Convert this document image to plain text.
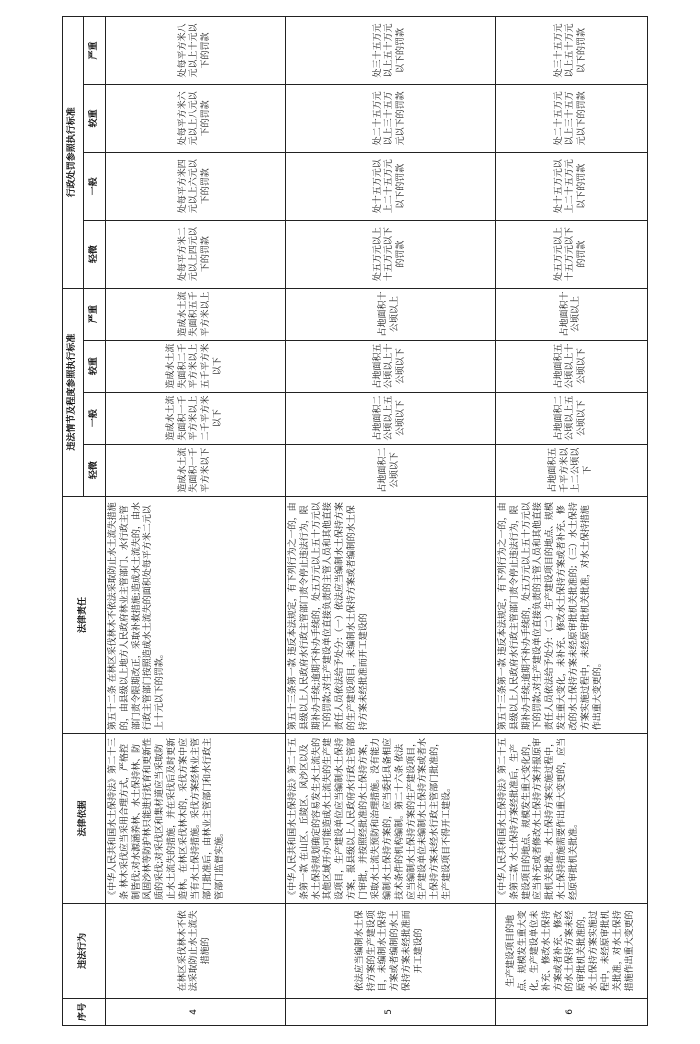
序号	违法行为	法律依据	法律责任	违法情节及程度参照执行标准				行政处罚参照执行标准			
				轻微	一般	较重	严重	轻微	一般	较重	严重
4	在林区采伐林木不依法采取防止水土流失措施的	《中华人民共和国水土保持法》第二十三条 林木采伐应当采用合理方式，严格控制皆伐;对水源涵养林、水土保持林、防风固沙林等防护林只能进行抚育和更新性质的采伐;对采伐区和集材道应当采取防止水土流失的措施，并在采伐后及时更新造林。在林区采伐林木的，采伐方案中应当有水土保持措施。采伐方案经林业主管部门批准后，由林业主管部门和水行政主管部门监督实施。	第五十二条 在林区采伐林木不依法采取防止水土流失措施的，由县级以上地方人民政府林业主管部门、水行政主管部门责令限期改正，采取补救措施;造成水土流失的，由水行政主管部门按照造成水土流失的面积处每平方米二元以上十元以下的罚款。	造成水土流失面积一千平方米以下	造成水土流失面积一千平方米以上二千平方米以下	造成水土流失面积二千平方米以上五千平方米以下	造成水土流失面积五千平方米以上	处每平方米二元以上四元以下的罚款	处每平方米四元以上六元以下的罚款	处每平方米六元以上八元以下的罚款	处每平方米八元以上十元以下的罚款
5	依法应当编制水土保持方案的生产建设项目，未编制水土保持方案或者编制的水土保持方案未经批准而开工建设的	《中华人民共和国水土保持法》第二十五条第一款 在山区、丘陵区、风沙区以及水土保持规划确定的容易发生水土流失的其他区域开办可能造成水土流失的生产建设项目，生产建设单位应当编制水土保持方案，报县级以上人民政府水行政主管部门审批，并按照经批准的水土保持方案，采取水土流失预防和治理措施。没有能力编制水土保持方案的，应当委托具备相应技术条件的机构编制。第二十六条 依法应当编制水土保持方案的生产建设项目，生产建设单位未编制水土保持方案或者水土保持方案未经水行政主管部门批准的，生产建设项目不得开工建设。	第五十三条第一款 违反本法规定，有下列行为之一的，由县级以上人民政府水行政主管部门责令停止违法行为，限期补办手续;逾期不补办手续的，处五万元以上五十万元以下的罚款;对生产建设单位直接负责的主管人员和其他直接责任人员依法给予处分:（一）依法应当编制水土保持方案的生产建设项目，未编制水土保持方案或者编制的水土保持方案未经批准而开工建设的	占地面积二公顷以下	占地面积二公顷以上五公顷以下	占地面积五公顷以上十公顷以下	占地面积十公顷以上	处五万元以上十五万元以下的罚款	处十五万元以上二十五万元以下的罚款	处二十五万元以上三十五万元以下的罚款	处三十五万元以上五十万元以下的罚款
6	生产建设项目的地点、规模发生重大变化，生产建设单位未补充、修改水土保持方案或者补充、修改的水土保持方案未经原审批机关批准的，水土保持方案实施过程中，未经原审批机关批准，对水土保持措施作出重大变更的	《中华人民共和国水土保持法》第二十五条第三款 水土保持方案经批准后，生产建设项目的地点、规模发生重大变化的，应当补充或者修改水土保持方案并报原审批机关批准。水土保持方案实施过程中，水土保持措施需要作出重大变更的，应当经原审批机关批准。	第五十三条第一款 违反本法规定，有下列行为之一的，由县级以上人民政府水行政主管部门责令停止违法行为，限期补办手续;逾期不补办手续的，处五万元以上五十万元以下的罚款;对生产建设单位直接负责的主管人员和其他直接责任人员依法给予处分:（二）生产建设项目的地点、规模发生重大变化，未补充、修改水土保持方案或者补充、修改的水土保持方案未经原审批机关批准的;（三）水土保持方案实施过程中，未经原审批机关批准，对水土保持措施作出重大变更的。	占地面积五千平方米以上二公顷以下	占地面积二公顷以上五公顷以下	占地面积五公顷以上十公顷以下	占地面积十公顷以上	处五万元以上十五万元以下的罚款	处十五万元以上二十五万元以下的罚款	处二十五万元以上三十五万元以下的罚款	处三十五万元以上五十万元以下的罚款
